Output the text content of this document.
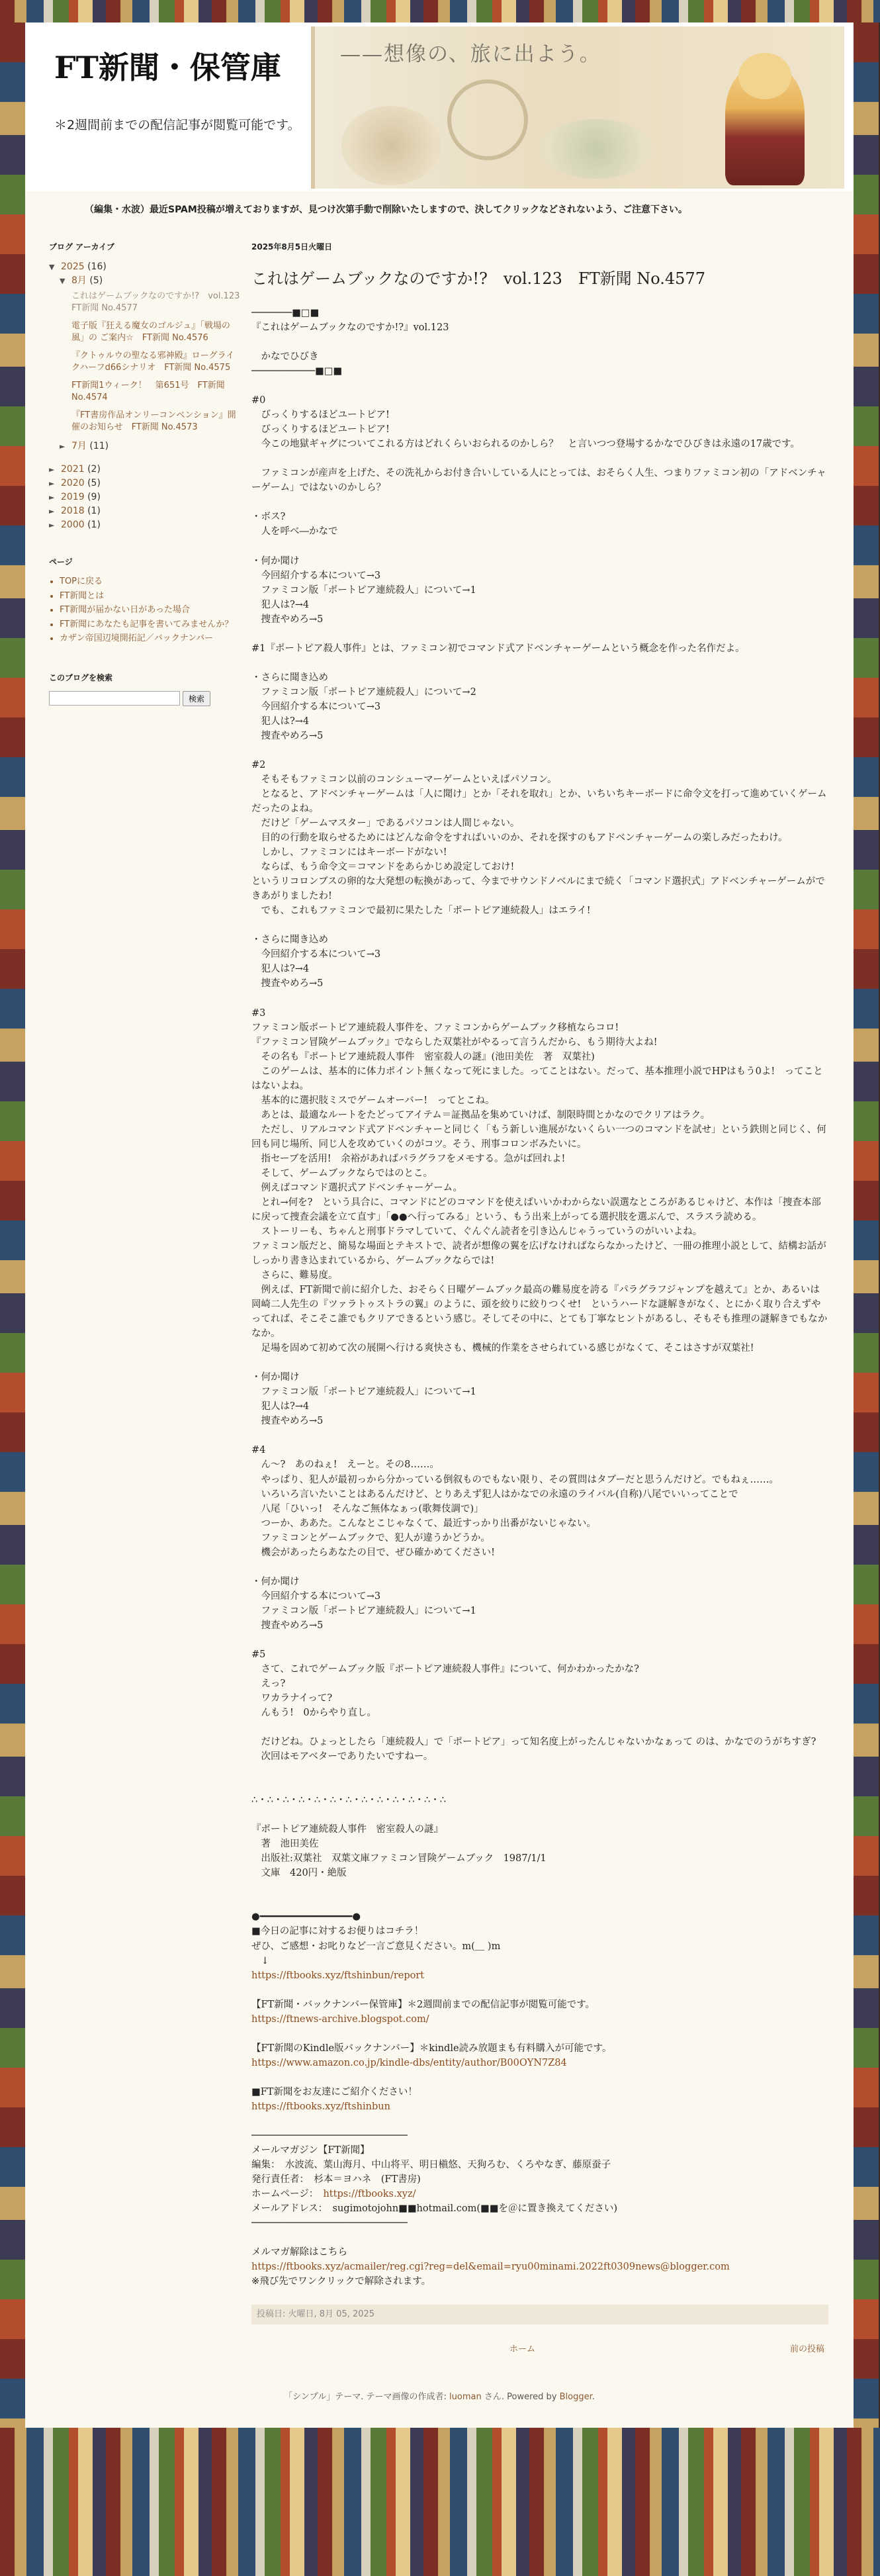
FT新聞・保管庫
＊2週間前までの配信記事が閲覧可能です。
——想像の、旅に出よう。
（編集・水波）最近SPAM投稿が増えておりますが、見つけ次第手動で削除いたしますので、決してクリックなどされないよう、ご注意下さい。
ブログ アーカイブ
▼ 2025 (16)
▼ 8月 (5)
これはゲームブックなのですか!?　vol.123　FT新聞 No.4577
電子版『狂える魔女のゴルジュ』「戦場の風」の ご案内☆　FT新聞 No.4576
『クトゥルウの聖なる邪神殿』ローグライクハーフd66シナリオ　FT新聞 No.4575
FT新聞1ウィーク！　第651号　FT新聞 No.4574
『FT書房作品オンリーコンベンション』開催のお知らせ　FT新聞 No.4573
► 7月 (11)
► 2021 (2)
► 2020 (5)
► 2019 (9)
► 2018 (1)
► 2000 (1)
ページ
• TOPに戻る
• FT新聞とは
• FT新聞が届かない日があった場合
• FT新聞にあなたも記事を書いてみませんか？
• カザン帝国辺境開拓記／バックナンバー
このブログを検索
検索
2025年8月5日火曜日
これはゲームブックなのですか!?　vol.123　FT新聞 No.4577
───────■□■
『これはゲームブックなのですか!?』vol.123

　かなでひびき
───────────■□■

#0
　びっくりするほどユートピア!
　びっくりするほどユートピア!
　今この地獄ギャグについてこれる方はどれくらいおられるのかしら？　と言いつつ登場するかなでひびきは永遠の17歳です。

　ファミコンが産声を上げた、その洗礼からお付き合いしている人にとっては、おそらく人生、つまりファミコン初の「アドベンチャーゲーム」ではないのかしら？

・ボス?
　人を呼べ―かなで

・何か聞け
　今回紹介する本について→3
　ファミコン版「ポートピア連続殺人」について→1
　犯人は?→4
　捜査やめろ→5

#1『ポートピア殺人事件』とは、ファミコン初でコマンド式アドベンチャーゲームという概念を作った名作だよ。

・さらに聞き込め
　ファミコン版「ポートピア連続殺人」について→2
　今回紹介する本について→3
　犯人は?→4
　捜査やめろ→5

#2
　そもそもファミコン以前のコンシューマーゲームといえばパソコン。
　となると、アドベンチャーゲームは「人に聞け」とか「それを取れ」とか、いちいちキーボードに命令文を打って進めていくゲームだったのよね。
　だけど「ゲームマスター」であるパソコンは人間じゃない。
　目的の行動を取らせるためにはどんな命令をすればいいのか、それを探すのもアドベンチャーゲームの楽しみだったわけ。
　しかし、ファミコンにはキーボードがない!
　ならば、もう命令文＝コマンドをあらかじめ設定しておけ!
というリコロンブスの卵的な大発想の転換があって、今までサウンドノベルにまで続く「コマンド選択式」アドベンチャーゲームができあがりましたわ!
　でも、これもファミコンで最初に果たした「ポートピア連続殺人」はエライ!

・さらに聞き込め
　今回紹介する本について→3
　犯人は?→4
　捜査やめろ→5

#3
ファミコン版ポートピア連続殺人事件を、ファミコンからゲームブック移植ならコロ!
『ファミコン冒険ゲームブック』でならした双葉社がやるって言うんだから、もう期待大よね!
　その名も『ポートピア連続殺人事件　密室殺人の謎』(池田美佐　著　双葉社)
　このゲームは、基本的に体力ポイント無くなって死にました。ってことはない。だって、基本推理小説でHPはもう0よ!　ってことはないよね。
　基本的に選択肢ミスでゲームオーバー!　ってとこね。
　あとは、最適なルートをたどってアイテム＝証拠品を集めていけば、制限時間とかなのでクリアはラク。
　ただし、リアルコマンド式アドベンチャーと同じく「もう新しい進展がないくらい一つのコマンドを試せ」という鉄則と同じく、何回も同じ場所、同じ人を攻めていくのがコツ。そう、刑事コロンボみたいに。
　指セーブを活用!　余裕があればパラグラフをメモする。急がば回れよ!
　そして、ゲームブックならではのとこ。
　例えばコマンド選択式アドベンチャーゲーム。
　とれ→何を?　という具合に、コマンドにどのコマンドを使えばいいかわからない誤選なところがあるじゃけど、本作は「捜査本部に戻って捜査会議を立て直す」「●●へ行ってみる」という、もう出来上がってる選択肢を選ぶんで、スラスラ読める。
　ストーリーも、ちゃんと刑事ドラマしていて、ぐんぐん読者を引き込んじゃうっていうのがいいよね。
ファミコン版だと、簡易な場面とテキストで、読者が想像の翼を広げなければならなかったけど、一冊の推理小説として、結構お話がしっかり書き込まれているから、ゲームブックならでは!
　さらに、難易度。
　例えば、FT新聞で前に紹介した、おそらく日曜ゲームブック最高の難易度を誇る『パラグラフジャンプを越えて』とか、あるいは岡崎二人先生の『ツァラトゥストラの翼』のように、頭を絞りに絞りつくせ!　というハードな謎解きがなく、とにかく取り合えずやってれば、そこそこ誰でもクリアできるという感じ。そしてその中に、とても丁寧なヒントがあるし、そもそも推理の謎解きでもなかなか。
　足場を固めて初めて次の展開へ行ける爽快さも、機械的作業をさせられている感じがなくて、そこはさすが双葉社!

・何か聞け
　ファミコン版「ポートピア連続殺人」について→1
　犯人は?→4
　捜査やめろ→5

#4
　ん〜?　あのねぇ!　えーと。その8……。
　やっぱり、犯人が最初っから分かっている倒叙ものでもない限り、その質問はタブーだと思うんだけど。でもねぇ……。
　いろいろ言いたいことはあるんだけど、とりあえず犯人はかなでの永遠のライバル(自称)八尾でいいってことで
　八尾「ひいっ!　そんなご無体なぁっ(歌舞伎調で)」
　つーか、ああた。こんなとこじゃなくて、最近すっかり出番がないじゃない。
　ファミコンとゲームブックで、犯人が違うかどうか。
　機会があったらあなたの目で、ぜひ確かめてください!

・何か聞け
　今回紹介する本について→3
　ファミコン版「ポートピア連続殺人」について→1
　捜査やめろ→5

#5
　さて、これでゲームブック版『ポートピア連続殺人事件』について、何かわかったかな?
　えっ?
　ワカラナイって?
　んもう!　0からやり直し。

　だけどね。ひょっとしたら「連続殺人」で「ポートピア」って知名度上がったんじゃないかなぁって のは、かなでのうがちすぎ?
　次回はモアベターでありたいですねー。

∴・∴・∴・∴・∴・∴・∴・∴・∴・∴・∴・∴・∴

『ポートピア連続殺人事件　密室殺人の謎』
　著　池田美佐
　出版社:双葉社　双葉文庫ファミコン冒険ゲームブック　1987/1/1
　文庫　420円・絶版

●━━━━━━━━━━━━━━━━●
■今日の記事に対するお便りはコチラ！
ぜひ、ご感想・お叱りなど一言ご意見ください。m(＿ )m
　↓
https://ftbooks.xyz/ftshinbun/report

【FT新聞・バックナンバー保管庫】＊2週間前までの配信記事が閲覧可能です。
https://ftnews-archive.blogspot.com/

【FT新聞のKindle版バックナンバー】＊kindle読み放題まも有料購入が可能です。
https://www.amazon.co.jp/kindle-dbs/entity/author/B00OYN7Z84

■FT新聞をお友達にご紹介ください！
https://ftbooks.xyz/ftshinbun

───────────────────────────
メールマガジン【FT新聞】
編集：　水波流、葉山海月、中山将平、明日槇悠、天狗ろむ、くろやなぎ、藤原蚕子
発行責任者：　杉本＝ヨハネ　(FT書房)
ホームページ：　https://ftbooks.xyz/
メールアドレス：　sugimotojohn■■hotmail.com(■■を＠に置き換えてください)
───────────────────────────

メルマガ解除はこちら
https://ftbooks.xyz/acmailer/reg.cgi?reg=del&email=ryu00minami.2022ft0309news@blogger.com
※飛び先でワンクリックで解除されます。
投稿日: 火曜日, 8月 05, 2025
ホーム	前の投稿
「シンプル」テーマ. テーマ画像の作成者: luoman さん. Powered by Blogger.
